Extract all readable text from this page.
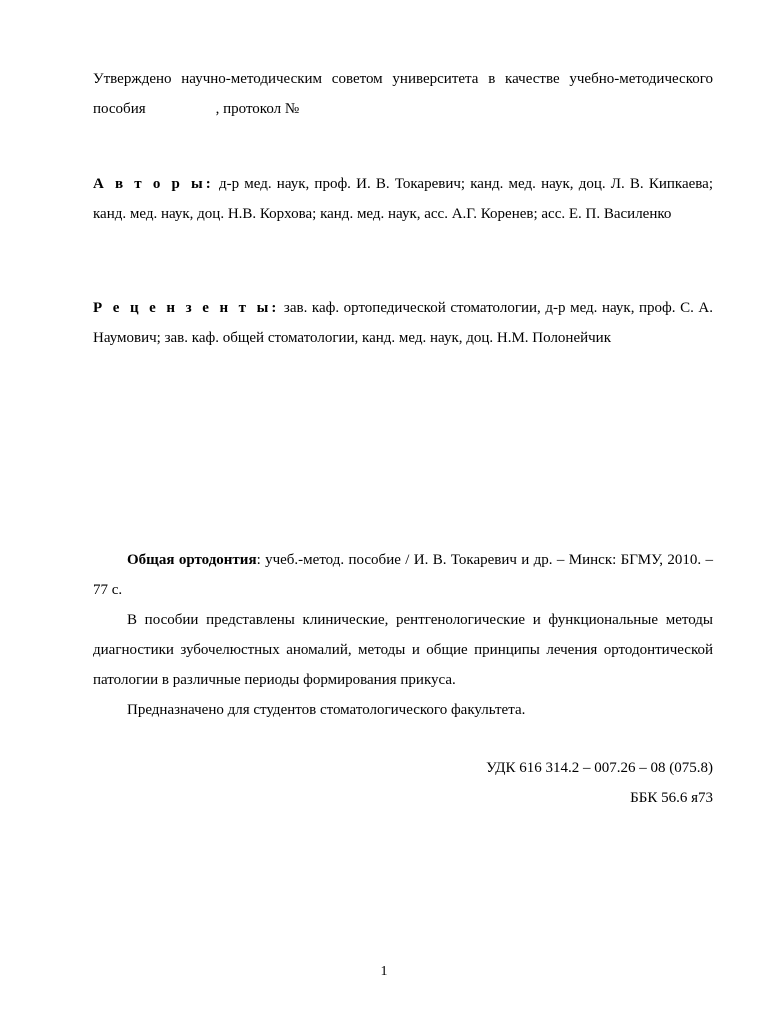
Утверждено научно-методическим советом университета в качестве учебно-методического пособия	, протокол №

А в т о р ы: д-р мед. наук, проф. И. В. Токаревич; канд. мед. наук, доц. Л. В. Кипкаева; канд. мед. наук, доц. Н.В. Корхова; канд. мед. наук, асс. А.Г. Коренев; асс. Е. П. Василенко

Р е ц е н з е н т ы: зав. каф. ортопедической стоматологии, д-р мед. наук, проф. С. А. Наумович; зав. каф. общей стоматологии, канд. мед. наук, доц. Н.М. Полонейчик

Общая ортодонтия: учеб.-метод. пособие / И. В. Токаревич и др. – Минск: БГМУ, 2010. – 77 с.

В пособии представлены клинические, рентгенологические и функциональные методы диагностики зубочелюстных аномалий, методы и общие принципы лечения ортодонтической патологии в различные периоды формирования прикуса.

Предназначено для студентов стоматологического факультета.

УДК 616 314.2 – 007.26 – 08 (075.8)

ББК 56.6 я73

1
